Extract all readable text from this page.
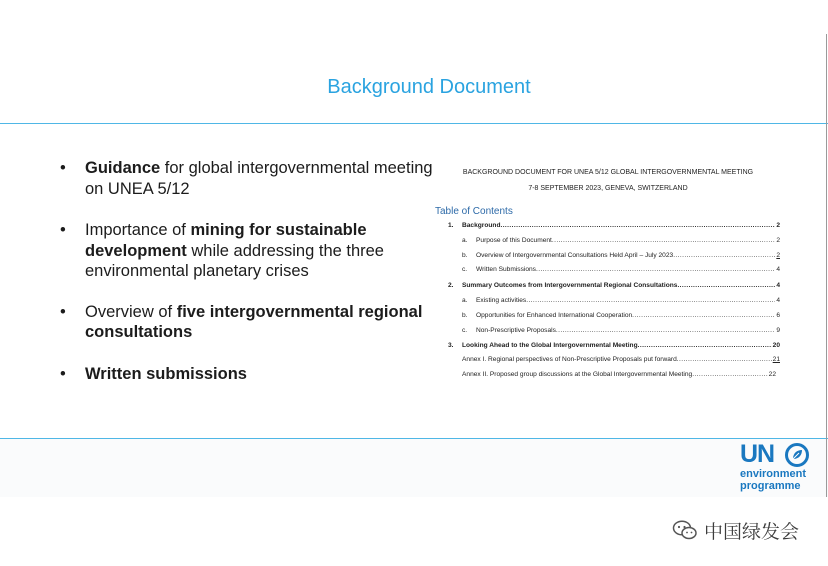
Background Document
• Guidance for global intergovernmental meeting on UNEA 5/12
• Importance of mining for sustainable development while addressing the three environmental planetary crises
• Overview of five intergovernmental regional consultations
• Written submissions
BACKGROUND DOCUMENT FOR UNEA 5/12 GLOBAL INTERGOVERNMENTAL MEETING
7-8 SEPTEMBER 2023, GENEVA, SWITZERLAND
Table of Contents
1.	Background .....	2
a.	Purpose of this Document .....	2
b.	Overview of Intergovernmental Consultations Held April – July 2023 .....	2
c.	Written Submissions .....	4
2.	Summary Outcomes from Intergovernmental Regional Consultations .....	4
a.	Existing activities .....	4
b.	Opportunities for Enhanced International Cooperation .....	6
c.	Non-Prescriptive Proposals .....	9
3.	Looking Ahead to the Global Intergovernmental Meeting .....	20
Annex I. Regional perspectives of Non-Prescriptive Proposals put forward .....	21
Annex II. Proposed group discussions at the Global Intergovernmental Meeting .....	22
UN
environment
programme
中国绿发会
